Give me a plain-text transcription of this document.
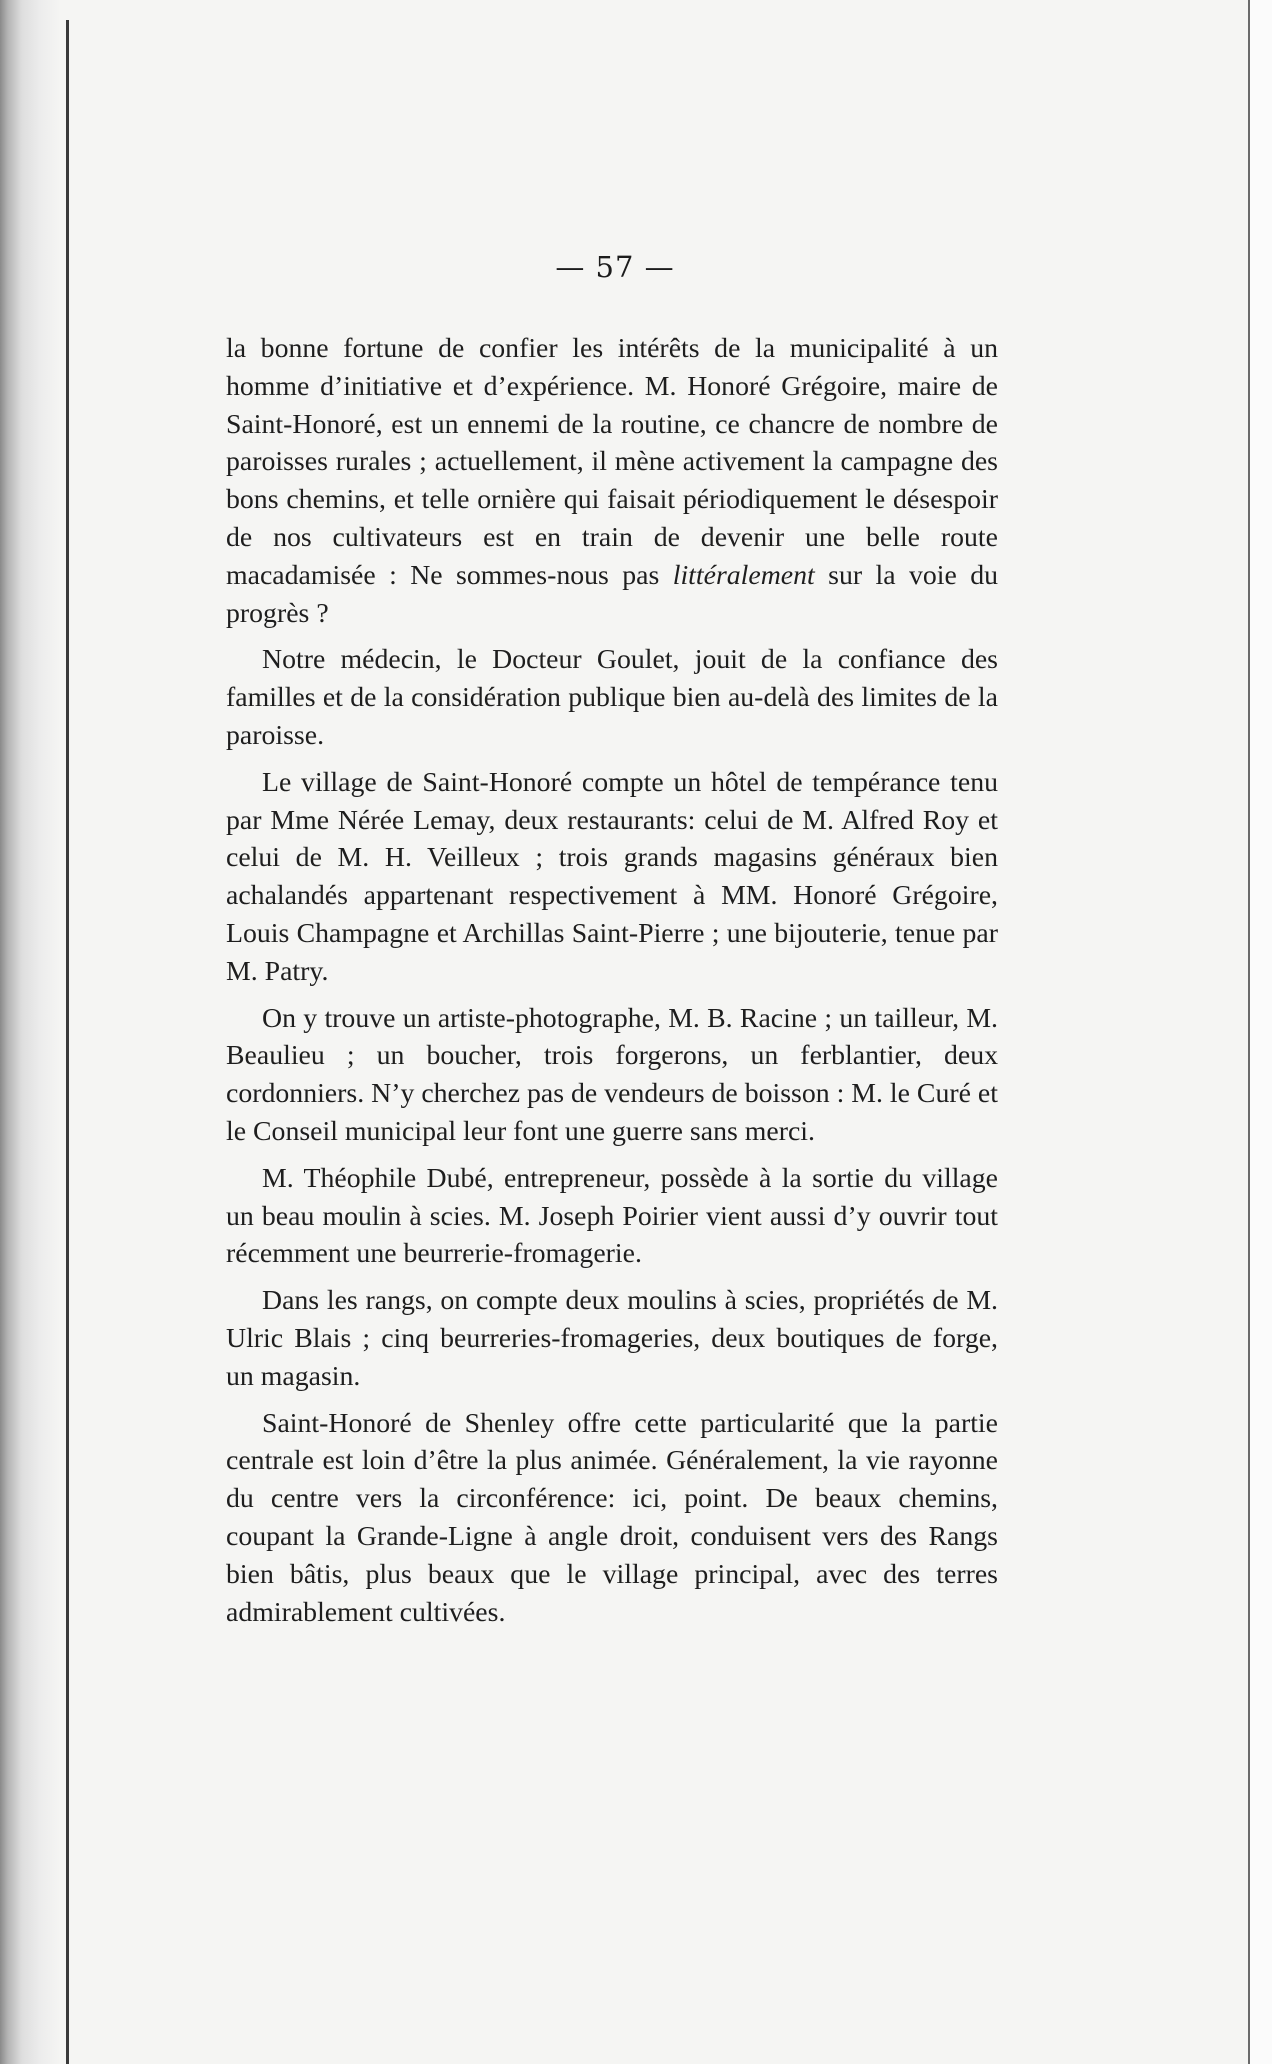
— 57 —

la bonne fortune de confier les intérêts de la municipalité à un homme d’initiative et d’expérience. M. Honoré Grégoire, maire de Saint-Honoré, est un ennemi de la routine, ce chancre de nombre de paroisses rurales ; actuellement, il mène activement la campagne des bons chemins, et telle ornière qui faisait périodiquement le désespoir de nos cultivateurs est en train de devenir une belle route macadamisée : Ne sommes-nous pas littéralement sur la voie du progrès ?

Notre médecin, le Docteur Goulet, jouit de la confiance des familles et de la considération publique bien au-delà des limites de la paroisse.

Le village de Saint-Honoré compte un hôtel de tempérance tenu par Mme Nérée Lemay, deux restaurants: celui de M. Alfred Roy et celui de M. H. Veilleux ; trois grands magasins généraux bien achalandés appartenant respectivement à MM. Honoré Grégoire, Louis Champagne et Archillas Saint-Pierre ; une bijouterie, tenue par M. Patry.

On y trouve un artiste-photographe, M. B. Racine ; un tailleur, M. Beaulieu ; un boucher, trois forgerons, un ferblantier, deux cordonniers. N’y cherchez pas de vendeurs de boisson : M. le Curé et le Conseil municipal leur font une guerre sans merci.

M. Théophile Dubé, entrepreneur, possède à la sortie du village un beau moulin à scies. M. Joseph Poirier vient aussi d’y ouvrir tout récemment une beurrerie-fromagerie.

Dans les rangs, on compte deux moulins à scies, propriétés de M. Ulric Blais ; cinq beurreries-fromageries, deux boutiques de forge, un magasin.

Saint-Honoré de Shenley offre cette particularité que la partie centrale est loin d’être la plus animée. Généralement, la vie rayonne du centre vers la circonférence: ici, point. De beaux chemins, coupant la Grande-Ligne à angle droit, conduisent vers des Rangs bien bâtis, plus beaux que le village principal, avec des terres admirablement cultivées.
